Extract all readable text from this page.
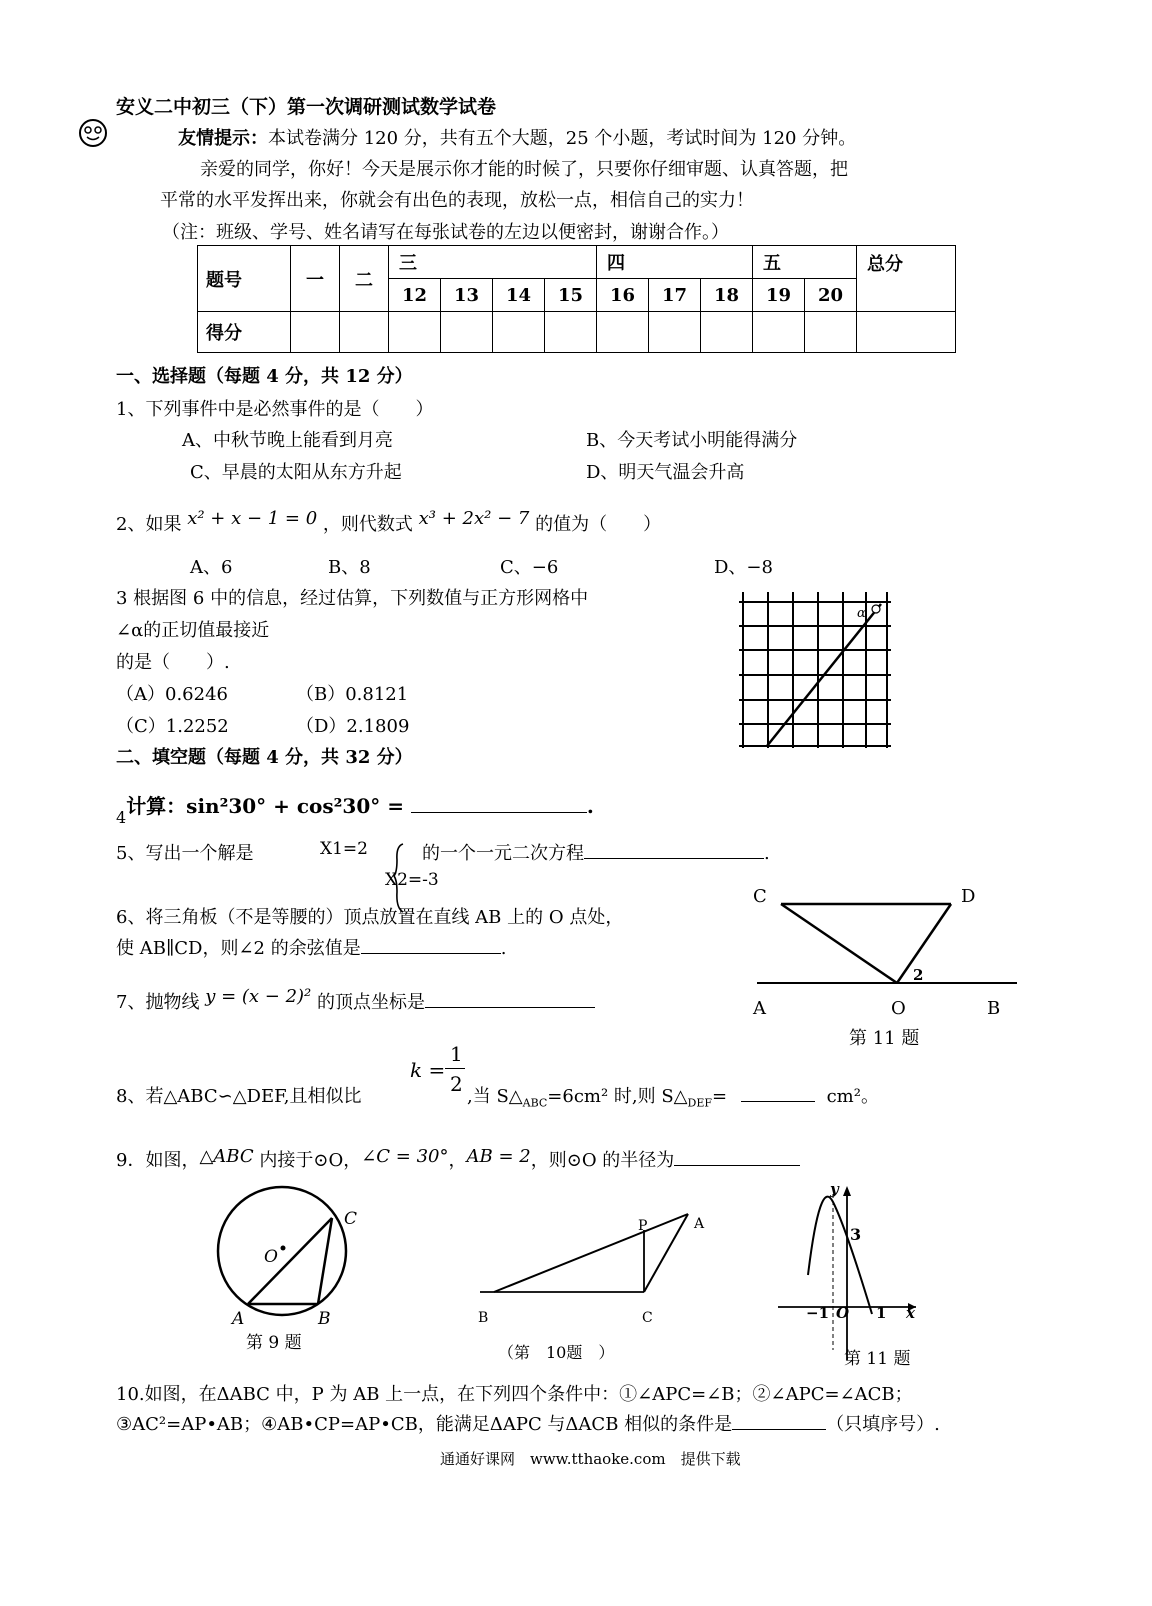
安义二中初三（下）第一次调研测试数学试卷
友情提示：本试卷满分 120 分，共有五个大题，25 个小题，考试时间为 120 分钟。
亲爱的同学，你好！今天是展示你才能的时候了，只要你仔细审题、认真答题，把
平常的水平发挥出来，你就会有出色的表现，放松一点，相信自己的实力！
（注：班级、学号、姓名请写在每张试卷的左边以便密封，谢谢合作。）
题号	一	二	三				四			五		总分
			12	13	14	15	16	17	18	19	20	
得分												
一、选择题（每题 4 分，共 12 分）
1、下列事件中是必然事件的是（　　）
A、中秋节晚上能看到月亮	B、今天考试小明能得满分
C、早晨的太阳从东方升起	D、明天气温会升高
2、如果 x² + x − 1 = 0 ，则代数式 x³ + 2x² − 7 的值为（　　）
A、6	B、8	C、−6	D、−8
3 根据图 6 中的信息，经过估算，下列数值与正方形网格中
∠α的正切值最接近
的是（　　）.
（A）0.6246	（B）0.8121
（C）1.2252	（D）2.1809
α
二、填空题（每题 4 分，共 32 分）
4计算：sin²30° + cos²30° =	.
5、写出一个解是	X1=2
X2=-3
的一个一元二次方程	.
6、将三角板（不是等腰的）顶点放置在直线 AB 上的 O 点处，
使 AB∥CD，则∠2 的余弦值是	.
C	D
A	O	B
2
第 11 题
7、抛物线 y = (x − 2)² 的顶点坐标是
8、若△ABC∽△DEF,且相似比
k =
1
2
,当 $S\triangle_{ABC}=6cm^2$ 时,则 $S\triangle_{DEF}=$	cm²。
9．如图，△ABC 内接于⊙O，∠C = 30°，AB = 2，则⊙O 的半径为
C
O
A	B
第 9 题
P	A
B	C
（第　10题　）
y
x
3
−1 O 1
第 11 题
10.如图，在ΔABC 中，P 为 AB 上一点，在下列四个条件中：①∠APC=∠B；②∠APC=∠ACB；
③AC²=AP•AB；④AB•CP=AP•CB，能满足ΔAPC 与ΔACB 相似的条件是	（只填序号）.
通通好课网　www.tthaoke.com　提供下载
